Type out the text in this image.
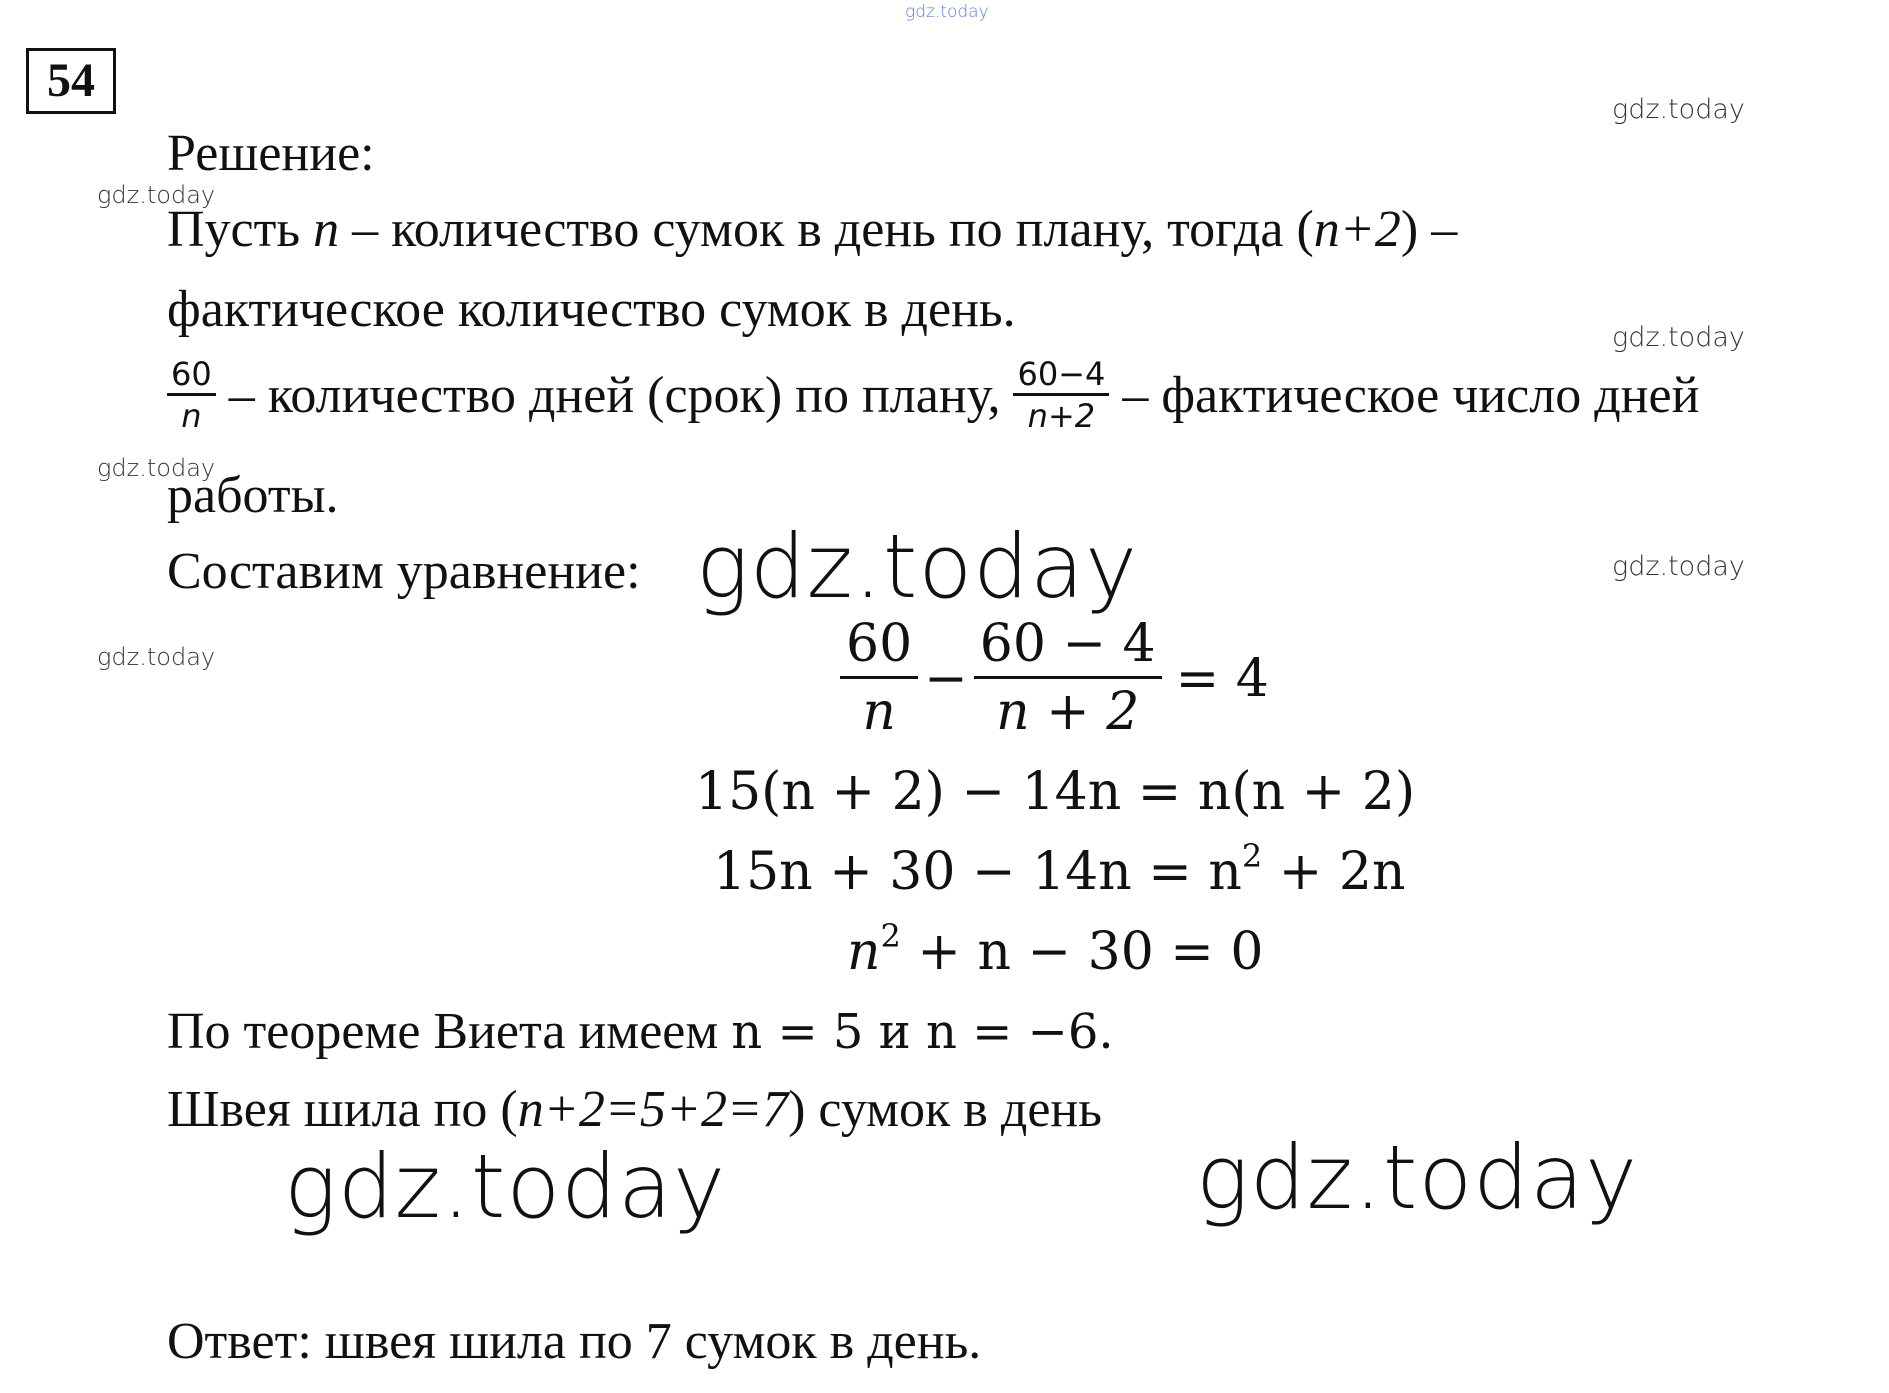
gdz.today
gdz.today
gdz.today
gdz.today
gdz.today
gdz.today
gdz.today
gdz.today
gdz.today	gdz.today
54
Решение:
Пусть n – количество сумок в день по плану, тогда (n+2) –
фактическое количество сумок в день.
$\frac{60}{n}$ – количество дней (срок) по плану, $\frac{60-4}{n+2}$ – фактическое число дней
работы.
Составим уравнение:
$\frac{60}{n} - \frac{60 - 4}{n + 2} = 4$
15(n + 2) − 14n = n(n + 2)
$15n + 30 - 14n = n^2 + 2n$
$n^2 + n - 30 = 0$
По теореме Виета имеем n = 5 и n = −6.
Швея шила по (n+2=5+2=7) сумок в день
Ответ: швея шила по 7 сумок в день.
